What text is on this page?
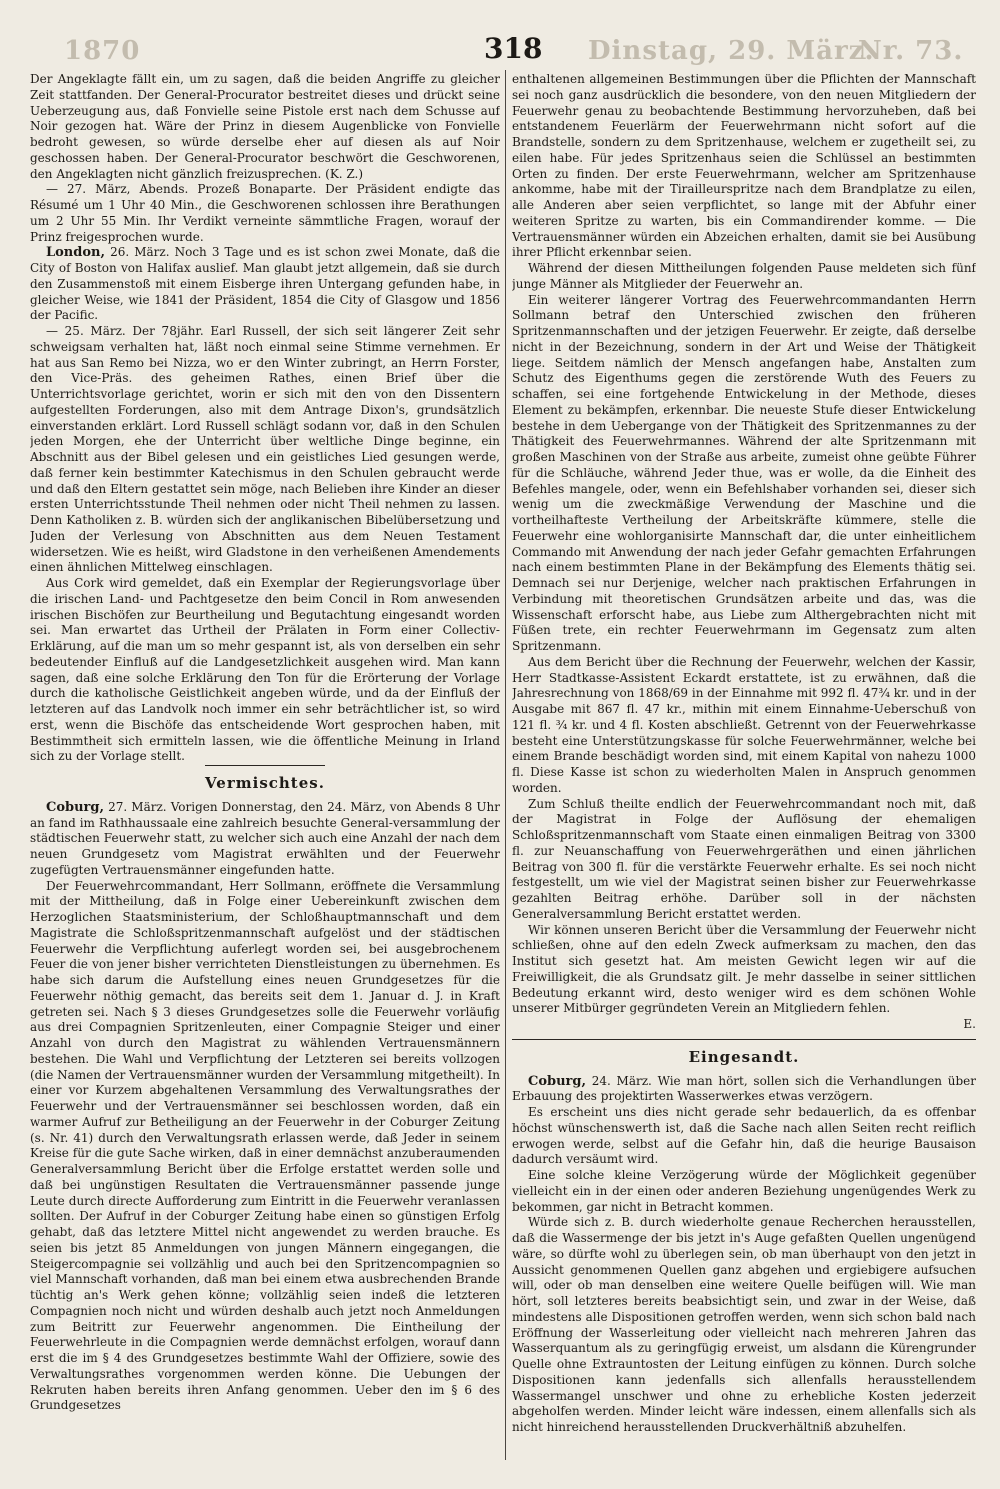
1870	Dinstag, 29. März.
Nr. 73.
318

Der Angeklagte fällt ein, um zu sagen, daß die beiden Angriffe zu gleicher Zeit stattfanden. Der General-Procurator bestreitet dieses und drückt seine Ueberzeugung aus, daß Fonvielle seine Pistole erst nach dem Schusse auf Noir gezogen hat. Wäre der Prinz in diesem Augenblicke von Fonvielle bedroht gewesen, so würde derselbe eher auf diesen als auf Noir geschossen haben. Der General-Procurator beschwört die Geschworenen, den Angeklagten nicht gänzlich freizusprechen. (K. Z.)

— 27. März, Abends. Prozeß Bonaparte. Der Präsident endigte das Résumé um 1 Uhr 40 Min., die Geschworenen schlossen ihre Berathungen um 2 Uhr 55 Min. Ihr Verdikt verneinte sämmtliche Fragen, worauf der Prinz freigesprochen wurde.

London, 26. März. Noch 3 Tage und es ist schon zwei Monate, daß die City of Boston von Halifax auslief. Man glaubt jetzt allgemein, daß sie durch den Zusammenstoß mit einem Eisberge ihren Untergang gefunden habe, in gleicher Weise, wie 1841 der Präsident, 1854 die City of Glasgow und 1856 der Pacific.

— 25. März. Der 78jähr. Earl Russell, der sich seit längerer Zeit sehr schweigsam verhalten hat, läßt noch einmal seine Stimme vernehmen. Er hat aus San Remo bei Nizza, wo er den Winter zubringt, an Herrn Forster, den Vice-Präs. des geheimen Rathes, einen Brief über die Unterrichtsvorlage gerichtet, worin er sich mit den von den Dissentern aufgestellten Forderungen, also mit dem Antrage Dixon's, grundsätzlich einverstanden erklärt. Lord Russell schlägt sodann vor, daß in den Schulen jeden Morgen, ehe der Unterricht über weltliche Dinge beginne, ein Abschnitt aus der Bibel gelesen und ein geistliches Lied gesungen werde, daß ferner kein bestimmter Katechismus in den Schulen gebraucht werde und daß den Eltern gestattet sein möge, nach Belieben ihre Kinder an dieser ersten Unterrichtsstunde Theil nehmen oder nicht Theil nehmen zu lassen. Denn Katholiken z. B. würden sich der anglikanischen Bibelübersetzung und Juden der Verlesung von Abschnitten aus dem Neuen Testament widersetzen. Wie es heißt, wird Gladstone in den verheißenen Amendements einen ähnlichen Mittelweg einschlagen.

Aus Cork wird gemeldet, daß ein Exemplar der Regierungsvorlage über die irischen Land- und Pachtgesetze den beim Concil in Rom anwesenden irischen Bischöfen zur Beurtheilung und Begutachtung eingesandt worden sei. Man erwartet das Urtheil der Prälaten in Form einer Collectiv-Erklärung, auf die man um so mehr gespannt ist, als von derselben ein sehr bedeutender Einfluß auf die Landgesetzlichkeit ausgehen wird. Man kann sagen, daß eine solche Erklärung den Ton für die Erörterung der Vorlage durch die katholische Geistlichkeit angeben würde, und da der Einfluß der letzteren auf das Landvolk noch immer ein sehr beträchtlicher ist, so wird erst, wenn die Bischöfe das entscheidende Wort gesprochen haben, mit Bestimmtheit sich ermitteln lassen, wie die öffentliche Meinung in Irland sich zu der Vorlage stellt.

Vermischtes.

Coburg, 27. März. Vorigen Donnerstag, den 24. März, von Abends 8 Uhr an fand im Rathhaussaale eine zahlreich besuchte General-versammlung der städtischen Feuerwehr statt, zu welcher sich auch eine Anzahl der nach dem neuen Grundgesetz vom Magistrat erwählten und der Feuerwehr zugefügten Vertrauensmänner eingefunden hatte.

Der Feuerwehrcommandant, Herr Sollmann, eröffnete die Versammlung mit der Mittheilung, daß in Folge einer Uebereinkunft zwischen dem Herzoglichen Staatsministerium, der Schloßhauptmannschaft und dem Magistrate die Schloßspritzenmannschaft aufgelöst und der städtischen Feuerwehr die Verpflichtung auferlegt worden sei, bei ausgebrochenem Feuer die von jener bisher verrichteten Dienstleistungen zu übernehmen. Es habe sich darum die Aufstellung eines neuen Grundgesetzes für die Feuerwehr nöthig gemacht, das bereits seit dem 1. Januar d. J. in Kraft getreten sei. Nach § 3 dieses Grundgesetzes solle die Feuerwehr vorläufig aus drei Compagnien Spritzenleuten, einer Compagnie Steiger und einer Anzahl von durch den Magistrat zu wählenden Vertrauensmännern bestehen. Die Wahl und Verpflichtung der Letzteren sei bereits vollzogen (die Namen der Vertrauensmänner wurden der Versammlung mitgetheilt). In einer vor Kurzem abgehaltenen Versammlung des Verwaltungsrathes der Feuerwehr und der Vertrauensmänner sei beschlossen worden, daß ein warmer Aufruf zur Betheiligung an der Feuerwehr in der Coburger Zeitung (s. Nr. 41) durch den Verwaltungsrath erlassen werde, daß Jeder in seinem Kreise für die gute Sache wirken, daß in einer demnächst anzuberaumenden Generalversammlung Bericht über die Erfolge erstattet werden solle und daß bei ungünstigen Resultaten die Vertrauensmänner passende junge Leute durch directe Aufforderung zum Eintritt in die Feuerwehr veranlassen sollten. Der Aufruf in der Coburger Zeitung habe einen so günstigen Erfolg gehabt, daß das letztere Mittel nicht angewendet zu werden brauche. Es seien bis jetzt 85 Anmeldungen von jungen Männern eingegangen, die Steigercompagnie sei vollzählig und auch bei den Spritzencompagnien so viel Mannschaft vorhanden, daß man bei einem etwa ausbrechenden Brande tüchtig an's Werk gehen könne; vollzählig seien indeß die letzteren Compagnien noch nicht und würden deshalb auch jetzt noch Anmeldungen zum Beitritt zur Feuerwehr angenommen. Die Eintheilung der Feuerwehrleute in die Compagnien werde demnächst erfolgen, worauf dann erst die im § 4 des Grundgesetzes bestimmte Wahl der Offiziere, sowie des Verwaltungsrathes vorgenommen werden könne. Die Uebungen der Rekruten haben bereits ihren Anfang genommen. Ueber den im § 6 des Grundgesetzes

enthaltenen allgemeinen Bestimmungen über die Pflichten der Mannschaft sei noch ganz ausdrücklich die besondere, von den neuen Mitgliedern der Feuerwehr genau zu beobachtende Bestimmung hervorzuheben, daß bei entstandenem Feuerlärm der Feuerwehrmann nicht sofort auf die Brandstelle, sondern zu dem Spritzenhause, welchem er zugetheilt sei, zu eilen habe. Für jedes Spritzenhaus seien die Schlüssel an bestimmten Orten zu finden. Der erste Feuerwehrmann, welcher am Spritzenhause ankomme, habe mit der Tirailleurspritze nach dem Brandplatze zu eilen, alle Anderen aber seien verpflichtet, so lange mit der Abfuhr einer weiteren Spritze zu warten, bis ein Commandirender komme. — Die Vertrauensmänner würden ein Abzeichen erhalten, damit sie bei Ausübung ihrer Pflicht erkennbar seien.

Während der diesen Mittheilungen folgenden Pause meldeten sich fünf junge Männer als Mitglieder der Feuerwehr an.

Ein weiterer längerer Vortrag des Feuerwehrcommandanten Herrn Sollmann betraf den Unterschied zwischen den früheren Spritzenmannschaften und der jetzigen Feuerwehr. Er zeigte, daß derselbe nicht in der Bezeichnung, sondern in der Art und Weise der Thätigkeit liege. Seitdem nämlich der Mensch angefangen habe, Anstalten zum Schutz des Eigenthums gegen die zerstörende Wuth des Feuers zu schaffen, sei eine fortgehende Entwickelung in der Methode, dieses Element zu bekämpfen, erkennbar. Die neueste Stufe dieser Entwickelung bestehe in dem Uebergange von der Thätigkeit des Spritzenmannes zu der Thätigkeit des Feuerwehrmannes. Während der alte Spritzenmann mit großen Maschinen von der Straße aus arbeite, zumeist ohne geübte Führer für die Schläuche, während Jeder thue, was er wolle, da die Einheit des Befehles mangele, oder, wenn ein Befehlshaber vorhanden sei, dieser sich wenig um die zweckmäßige Verwendung der Maschine und die vortheilhafteste Vertheilung der Arbeitskräfte kümmere, stelle die Feuerwehr eine wohlorganisirte Mannschaft dar, die unter einheitlichem Commando mit Anwendung der nach jeder Gefahr gemachten Erfahrungen nach einem bestimmten Plane in der Bekämpfung des Elements thätig sei. Demnach sei nur Derjenige, welcher nach praktischen Erfahrungen in Verbindung mit theoretischen Grundsätzen arbeite und das, was die Wissenschaft erforscht habe, aus Liebe zum Althergebrachten nicht mit Füßen trete, ein rechter Feuerwehrmann im Gegensatz zum alten Spritzenmann.

Aus dem Bericht über die Rechnung der Feuerwehr, welchen der Kassir, Herr Stadtkasse-Assistent Eckardt erstattete, ist zu erwähnen, daß die Jahresrechnung von 1868/69 in der Einnahme mit 992 fl. 47¾ kr. und in der Ausgabe mit 867 fl. 47 kr., mithin mit einem Einnahme-Ueberschuß von 121 fl. ¾ kr. und 4 fl. Kosten abschließt. Getrennt von der Feuerwehrkasse besteht eine Unterstützungskasse für solche Feuerwehrmänner, welche bei einem Brande beschädigt worden sind, mit einem Kapital von nahezu 1000 fl. Diese Kasse ist schon zu wiederholten Malen in Anspruch genommen worden.

Zum Schluß theilte endlich der Feuerwehrcommandant noch mit, daß der Magistrat in Folge der Auflösung der ehemaligen Schloßspritzenmannschaft vom Staate einen einmaligen Beitrag von 3300 fl. zur Neuanschaffung von Feuerwehrgeräthen und einen jährlichen Beitrag von 300 fl. für die verstärkte Feuerwehr erhalte. Es sei noch nicht festgestellt, um wie viel der Magistrat seinen bisher zur Feuerwehrkasse gezahlten Beitrag erhöhe. Darüber soll in der nächsten Generalversammlung Bericht erstattet werden.

Wir können unseren Bericht über die Versammlung der Feuerwehr nicht schließen, ohne auf den edeln Zweck aufmerksam zu machen, den das Institut sich gesetzt hat. Am meisten Gewicht legen wir auf die Freiwilligkeit, die als Grundsatz gilt. Je mehr dasselbe in seiner sittlichen Bedeutung erkannt wird, desto weniger wird es dem schönen Wohle unserer Mitbürger gegründeten Verein an Mitgliedern fehlen.

E.
Eingesandt.

Coburg, 24. März. Wie man hört, sollen sich die Verhandlungen über Erbauung des projektirten Wasserwerkes etwas verzögern.

Es erscheint uns dies nicht gerade sehr bedauerlich, da es offenbar höchst wünschenswerth ist, daß die Sache nach allen Seiten recht reiflich erwogen werde, selbst auf die Gefahr hin, daß die heurige Bausaison dadurch versäumt wird.

Eine solche kleine Verzögerung würde der Möglichkeit gegenüber vielleicht ein in der einen oder anderen Beziehung ungenügendes Werk zu bekommen, gar nicht in Betracht kommen.

Würde sich z. B. durch wiederholte genaue Recherchen herausstellen, daß die Wassermenge der bis jetzt in's Auge gefaßten Quellen ungenügend wäre, so dürfte wohl zu überlegen sein, ob man überhaupt von den jetzt in Aussicht genommenen Quellen ganz abgehen und ergiebigere aufsuchen will, oder ob man denselben eine weitere Quelle beifügen will. Wie man hört, soll letzteres bereits beabsichtigt sein, und zwar in der Weise, daß mindestens alle Dispositionen getroffen werden, wenn sich schon bald nach Eröffnung der Wasserleitung oder vielleicht nach mehreren Jahren das Wasserquantum als zu geringfügig erweist, um alsdann die Kürengrunder Quelle ohne Extrauntosten der Leitung einfügen zu können. Durch solche Dispositionen kann jedenfalls sich allenfalls herausstellendem Wassermangel unschwer und ohne zu erhebliche Kosten jederzeit abgeholfen werden. Minder leicht wäre indessen, einem allenfalls sich als nicht hinreichend herausstellenden Druckverhältniß abzuhelfen.
